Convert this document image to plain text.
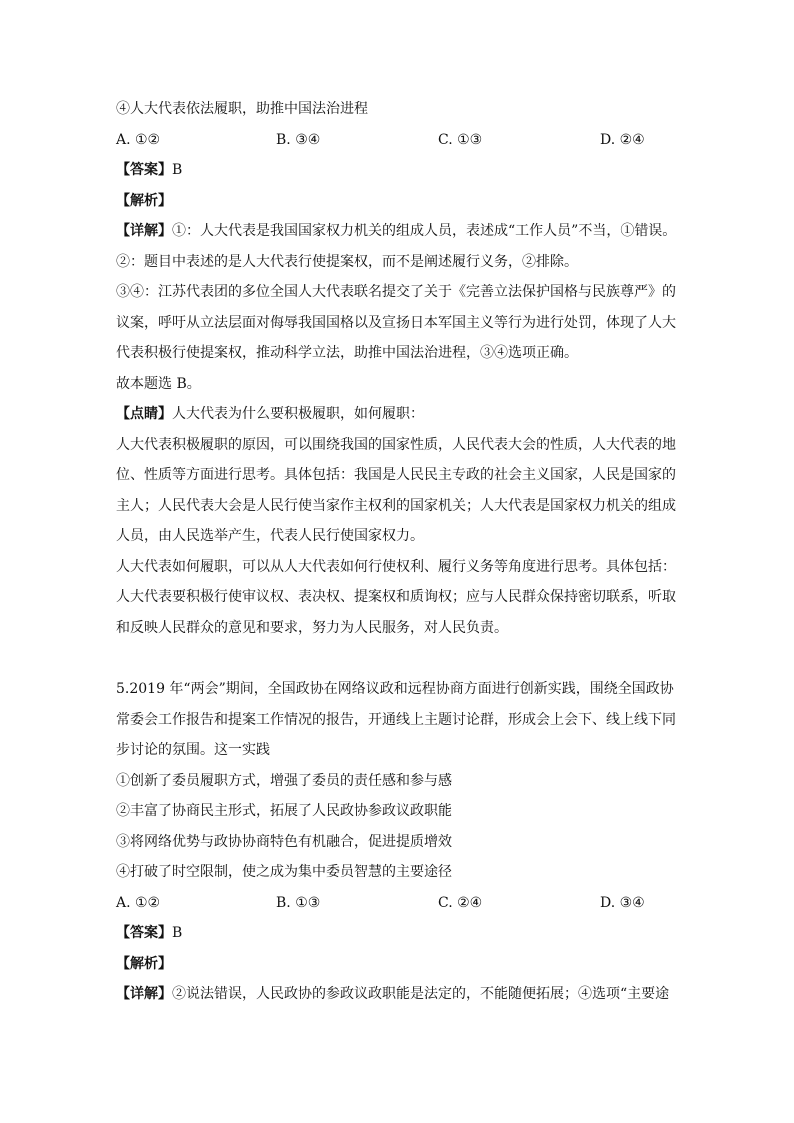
④人大代表依法履职，助推中国法治进程
A. ①②	B. ③④	C. ①③	D. ②④
【答案】B
【解析】
【详解】①：人大代表是我国国家权力机关的组成人员，表述成“工作人员”不当，①错误。
②：题目中表述的是人大代表行使提案权，而不是阐述履行义务，②排除。
③④：江苏代表团的多位全国人大代表联名提交了关于《完善立法保护国格与民族尊严》的
议案，呼吁从立法层面对侮辱我国国格以及宣扬日本军国主义等行为进行处罚，体现了人大
代表积极行使提案权，推动科学立法，助推中国法治进程，③④选项正确。
故本题选 B。
【点睛】人大代表为什么要积极履职，如何履职：
人大代表积极履职的原因，可以围绕我国的国家性质，人民代表大会的性质，人大代表的地
位、性质等方面进行思考。具体包括：我国是人民民主专政的社会主义国家，人民是国家的
主人；人民代表大会是人民行使当家作主权利的国家机关；人大代表是国家权力机关的组成
人员，由人民选举产生，代表人民行使国家权力。
人大代表如何履职，可以从人大代表如何行使权利、履行义务等角度进行思考。具体包括：
人大代表要积极行使审议权、表决权、提案权和质询权；应与人民群众保持密切联系，听取
和反映人民群众的意见和要求，努力为人民服务，对人民负责。
5.2019 年“两会”期间，全国政协在网络议政和远程协商方面进行创新实践，围绕全国政协
常委会工作报告和提案工作情况的报告，开通线上主题讨论群，形成会上会下、线上线下同
步讨论的氛围。这一实践
①创新了委员履职方式，增强了委员的责任感和参与感
②丰富了协商民主形式，拓展了人民政协参政议政职能
③将网络优势与政协协商特色有机融合，促进提质增效
④打破了时空限制，使之成为集中委员智慧的主要途径
A. ①②	B. ①③	C. ②④	D. ③④
【答案】B
【解析】
【详解】②说法错误，人民政协的参政议政职能是法定的，不能随便拓展；④选项“主要途
